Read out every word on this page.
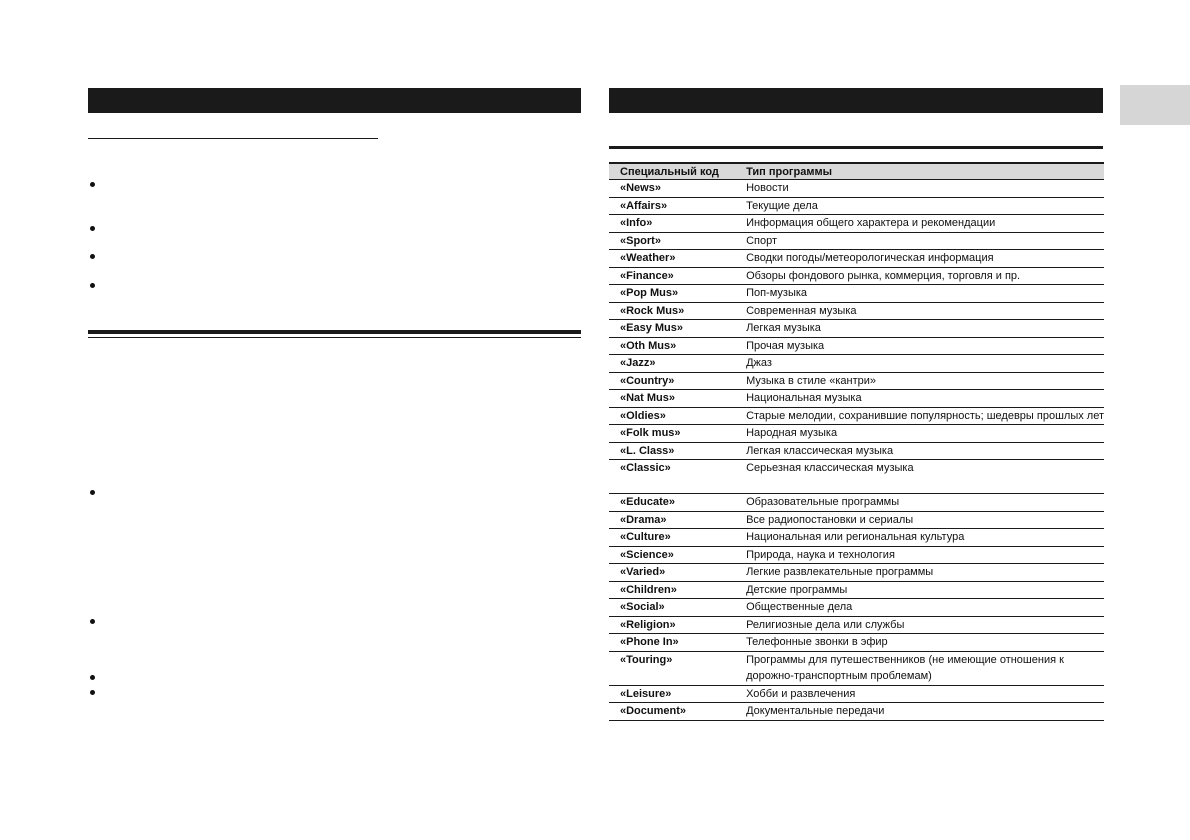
Специальный код	Тип программы
«News»	Новости
«Affairs»	Текущие дела
«Info»	Информация общего характера и рекомендации
«Sport»	Спорт
«Weather»	Сводки погоды/метеорологическая информация
«Finance»	Обзоры фондового рынка, коммерция, торговля и пр.
«Pop Mus»	Поп-музыка
«Rock Mus»	Современная музыка
«Easy Mus»	Легкая музыка
«Oth Mus»	Прочая музыка
«Jazz»	Джаз
«Country»	Музыка в стиле «кантри»
«Nat Mus»	Национальная музыка
«Oldies»	Старые мелодии, сохранившие популярность; шедевры прошлых лет
«Folk mus»	Народная музыка
«L. Class»	Легкая классическая музыка
«Classic»	Серьезная классическая музыка
«Educate»	Образовательные программы
«Drama»	Все радиопостановки и сериалы
«Culture»	Национальная или региональная культура
«Science»	Природа, наука и технология
«Varied»	Легкие развлекательные программы
«Children»	Детские программы
«Social»	Общественные дела
«Religion»	Религиозные дела или службы
«Phone In»	Телефонные звонки в эфир
«Touring»	Программы для путешественников (не имеющие отношения к дорожно-транспортным проблемам)
«Leisure»	Хобби и развлечения
«Document»	Документальные передачи
